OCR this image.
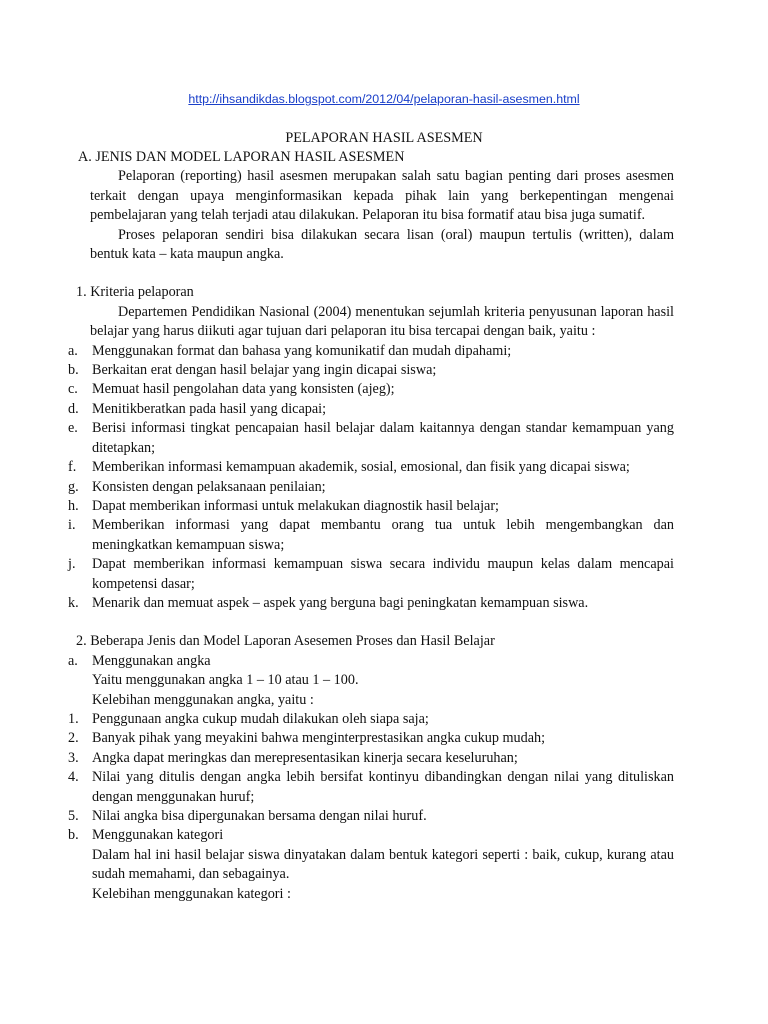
http://ihsandikdas.blogspot.com/2012/04/pelaporan-hasil-asesmen.html
PELAPORAN HASIL ASESMEN
A. JENIS DAN MODEL LAPORAN HASIL ASESMEN
Pelaporan (reporting) hasil asesmen merupakan salah satu bagian penting dari proses asesmen terkait dengan upaya menginformasikan kepada pihak lain yang berkepentingan mengenai pembelajaran yang telah terjadi atau dilakukan. Pelaporan itu bisa formatif atau bisa juga sumatif.
Proses pelaporan sendiri bisa dilakukan secara lisan (oral) maupun tertulis (written), dalam bentuk kata – kata maupun angka.
1. Kriteria pelaporan
Departemen Pendidikan Nasional (2004) menentukan sejumlah kriteria penyusunan laporan hasil belajar yang harus diikuti agar tujuan dari pelaporan itu bisa tercapai dengan baik, yaitu :
a. Menggunakan format dan bahasa yang komunikatif dan mudah dipahami;
b. Berkaitan erat dengan hasil belajar yang ingin dicapai siswa;
c. Memuat hasil pengolahan data yang konsisten (ajeg);
d. Menitikberatkan pada hasil yang dicapai;
e. Berisi informasi tingkat pencapaian hasil belajar dalam kaitannya dengan standar kemampuan yang ditetapkan;
f.	Memberikan informasi kemampuan akademik, sosial, emosional, dan fisik yang dicapai siswa;
g. Konsisten dengan pelaksanaan penilaian;
h. Dapat memberikan informasi untuk melakukan diagnostik hasil belajar;
i.	Memberikan informasi yang dapat membantu orang tua untuk lebih mengembangkan dan meningkatkan kemampuan siswa;
j.	Dapat memberikan informasi kemampuan siswa secara individu maupun kelas dalam mencapai kompetensi dasar;
k. Menarik dan memuat aspek – aspek yang berguna bagi peningkatan kemampuan siswa.
2. Beberapa Jenis dan Model Laporan Asesemen Proses dan Hasil Belajar
a. Menggunakan angka
Yaitu menggunakan angka 1 – 10 atau 1 – 100.
Kelebihan menggunakan angka, yaitu :
1. Penggunaan angka cukup mudah dilakukan oleh siapa saja;
2. Banyak pihak yang meyakini bahwa menginterprestasikan angka cukup mudah;
3. Angka dapat meringkas dan merepresentasikan kinerja secara keseluruhan;
4. Nilai yang ditulis dengan angka lebih bersifat kontinyu dibandingkan dengan nilai yang dituliskan dengan menggunakan huruf;
5. Nilai angka bisa dipergunakan bersama dengan nilai huruf.
b. Menggunakan kategori
Dalam hal ini hasil belajar siswa dinyatakan dalam bentuk kategori seperti : baik, cukup, kurang atau sudah memahami, dan sebagainya.
Kelebihan menggunakan kategori :
